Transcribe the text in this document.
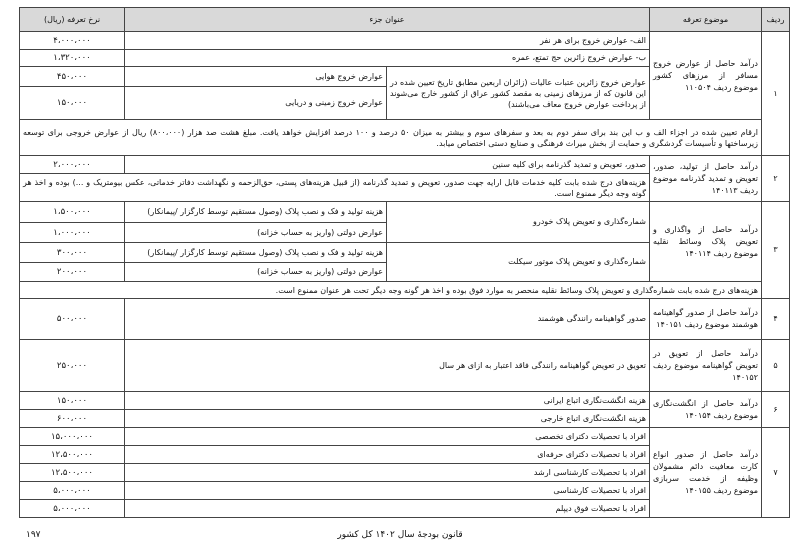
ردیف	موضوع تعرفه	عنوان جزء		نرخ تعرفه (ریال)
۱	درآمد حاصل از عوارض خروج مسافر از مرزهای کشور موضوع ردیف ۱۱۰۵۰۴	الف- عوارض خروج برای هر نفر		۴،۰۰۰،۰۰۰
		ب- عوارض خروج زائرین حج تمتع، عمره		۱،۳۲۰،۰۰۰
		عوارض خروج زائرین عتبات عالیات (زائران اربعین مطابق تاریخ تعیین شده در این قانون که از مرزهای زمینی به مقصد کشور عراق از کشور خارج می‌شوند از پرداخت عوارض خروج معاف می‌باشند)	عوارض خروج هوایی	۴۵۰،۰۰۰
			عوارض خروج زمینی و دریایی	۱۵۰،۰۰۰

	ارقام تعیین شده در اجزاء الف و ب این بند برای سفر دوم به بعد و سفرهای سوم و بیشتر به میزان ۵۰ درصد و ۱۰۰ درصد افزایش خواهد یافت. مبلغ هشت صد هزار (۸۰۰،۰۰۰) ریال از عوارض خروجی برای توسعه زیرساختها و تأسیسات گردشگری و حمایت از بخش میراث فرهنگی و صنایع دستی اختصاص میابد.			
۲	درآمد حاصل از تولید، صدور، تعویض و تمدید گذرنامه موضوع ردیف ۱۴۰۱۱۳	صدور، تعویض و تمدید گذرنامه برای کلیه سنین		۲،۰۰۰،۰۰۰
		هزینه‌های درج شده بابت کلیه خدمات قابل ارایه جهت صدور، تعویض و تمدید گذرنامه (از قبیل هزینه‌های پستی، حق‌الزحمه و نگهداشت دفاتر خدماتی، عکس بیومتریک و ...) بوده و اخذ هر گونه وجه دیگر ممنوع است.		
۳	درآمد حاصل از واگذاری و تعویض پلاک وسائط نقلیه موضوع ردیف ۱۴۰۱۱۴	شماره‌گذاری و تعویض پلاک خودرو	هزینه تولید و فک و نصب پلاک (وصول مستقیم توسط کارگزار /پیمانکار)	۱،۵۰۰،۰۰۰
			عوارض دولتی (واریز به حساب خزانه)	۱،۰۰۰،۰۰۰
		شماره‌گذاری و تعویض پلاک موتور سیکلت	هزینه تولید و فک و نصب پلاک (وصول مستقیم توسط کارگزار /پیمانکار)	۳۰۰،۰۰۰
			عوارض دولتی (واریز به حساب خزانه)	۲۰۰،۰۰۰
	هزینه‌های درج شده بابت شماره‌گذاری و تعویض پلاک وسائط نقلیه منحصر به موارد فوق بوده و اخذ هر گونه وجه دیگر تحت هر عنوان ممنوع است.			
۴	درآمد حاصل از صدور گواهینامه هوشمند موضوع ردیف ۱۴۰۱۵۱	صدور گواهینامه رانندگی هوشمند		۵۰۰،۰۰۰
۵	درآمد حاصل از تعویق در تعویض گواهینامه موضوع ردیف ۱۴۰۱۵۲	تعویق در تعویض گواهینامه رانندگی فاقد اعتبار به ازای هر سال		۲۵۰،۰۰۰
۶	درآمد حاصل از انگشت‌نگاری موضوع ردیف ۱۴۰۱۵۴	هزینه انگشت‌نگاری اتباع ایرانی		۱۵۰،۰۰۰
		هزینه انگشت‌نگاری اتباع خارجی		۶۰۰،۰۰۰
۷	درآمد حاصل از صدور انواع کارت معافیت دائم مشمولان وظیفه از خدمت سربازی موضوع ردیف ۱۴۰۱۵۵	افراد با تحصیلات دکترای تخصصی		۱۵،۰۰۰،۰۰۰
		افراد با تحصیلات دکترای حرفه‌ای		۱۲،۵۰۰،۰۰۰
		افراد با تحصیلات کارشناسی ارشد		۱۲،۵۰۰،۰۰۰
		افراد با تحصیلات کارشناسی		۵،۰۰۰،۰۰۰
		افراد با تحصیلات فوق دیپلم		۵،۰۰۰،۰۰۰
قانون بودجهٔ سال ۱۴۰۲ کل کشور
۱۹۷
